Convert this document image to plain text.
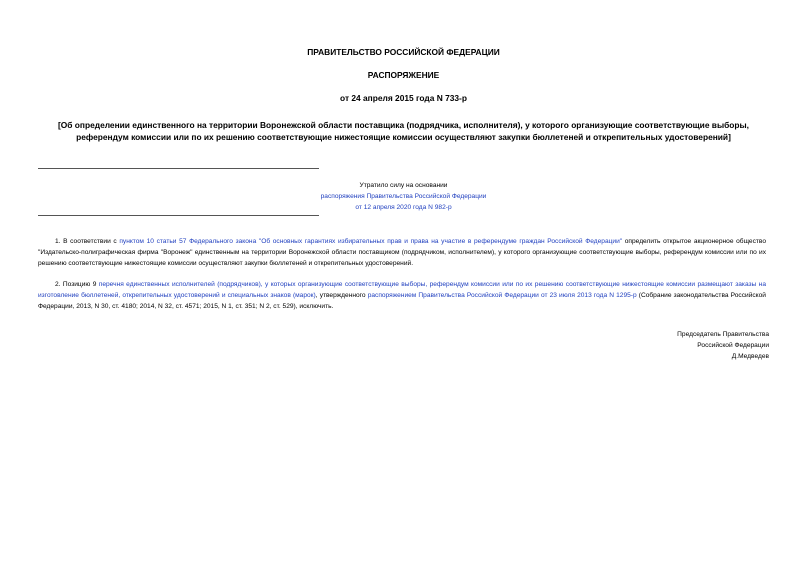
ПРАВИТЕЛЬСТВО РОССИЙСКОЙ ФЕДЕРАЦИИ
РАСПОРЯЖЕНИЕ
от 24 апреля 2015 года N 733-р
[Об определении единственного на территории Воронежской области поставщика (подрядчика, исполнителя), у которого организующие соответствующие выборы, референдум комиссии или по их решению соответствующие нижестоящие комиссии осуществляют закупки бюллетеней и открепительных удостоверений]
Утратило силу на основании
распоряжения Правительства Российской Федерации
от 12 апреля 2020 года N 982-р
1. В соответствии с пунктом 10 статьи 57 Федерального закона "Об основных гарантиях избирательных прав и права на участие в референдуме граждан Российской Федерации" определить открытое акционерное общество "Издательско-полиграфическая фирма "Воронеж" единственным на территории Воронежской области поставщиком (подрядчиком, исполнителем), у которого организующие соответствующие выборы, референдум комиссии или по их решению соответствующие нижестоящие комиссии осуществляют закупки бюллетеней и открепительных удостоверений.
2. Позицию 9 перечня единственных исполнителей (подрядчиков), у которых организующие соответствующие выборы, референдум комиссии или по их решению соответствующие нижестоящие комиссии размещают заказы на изготовление бюллетеней, открепительных удостоверений и специальных знаков (марок), утвержденного распоряжением Правительства Российской Федерации от 23 июля 2013 года N 1295-р (Собрание законодательства Российской Федерации, 2013, N 30, ст. 4180; 2014, N 32, ст. 4571; 2015, N 1, ст. 351; N 2, ст. 529), исключить.
Председатель Правительства
Российской Федерации
Д.Медведев
